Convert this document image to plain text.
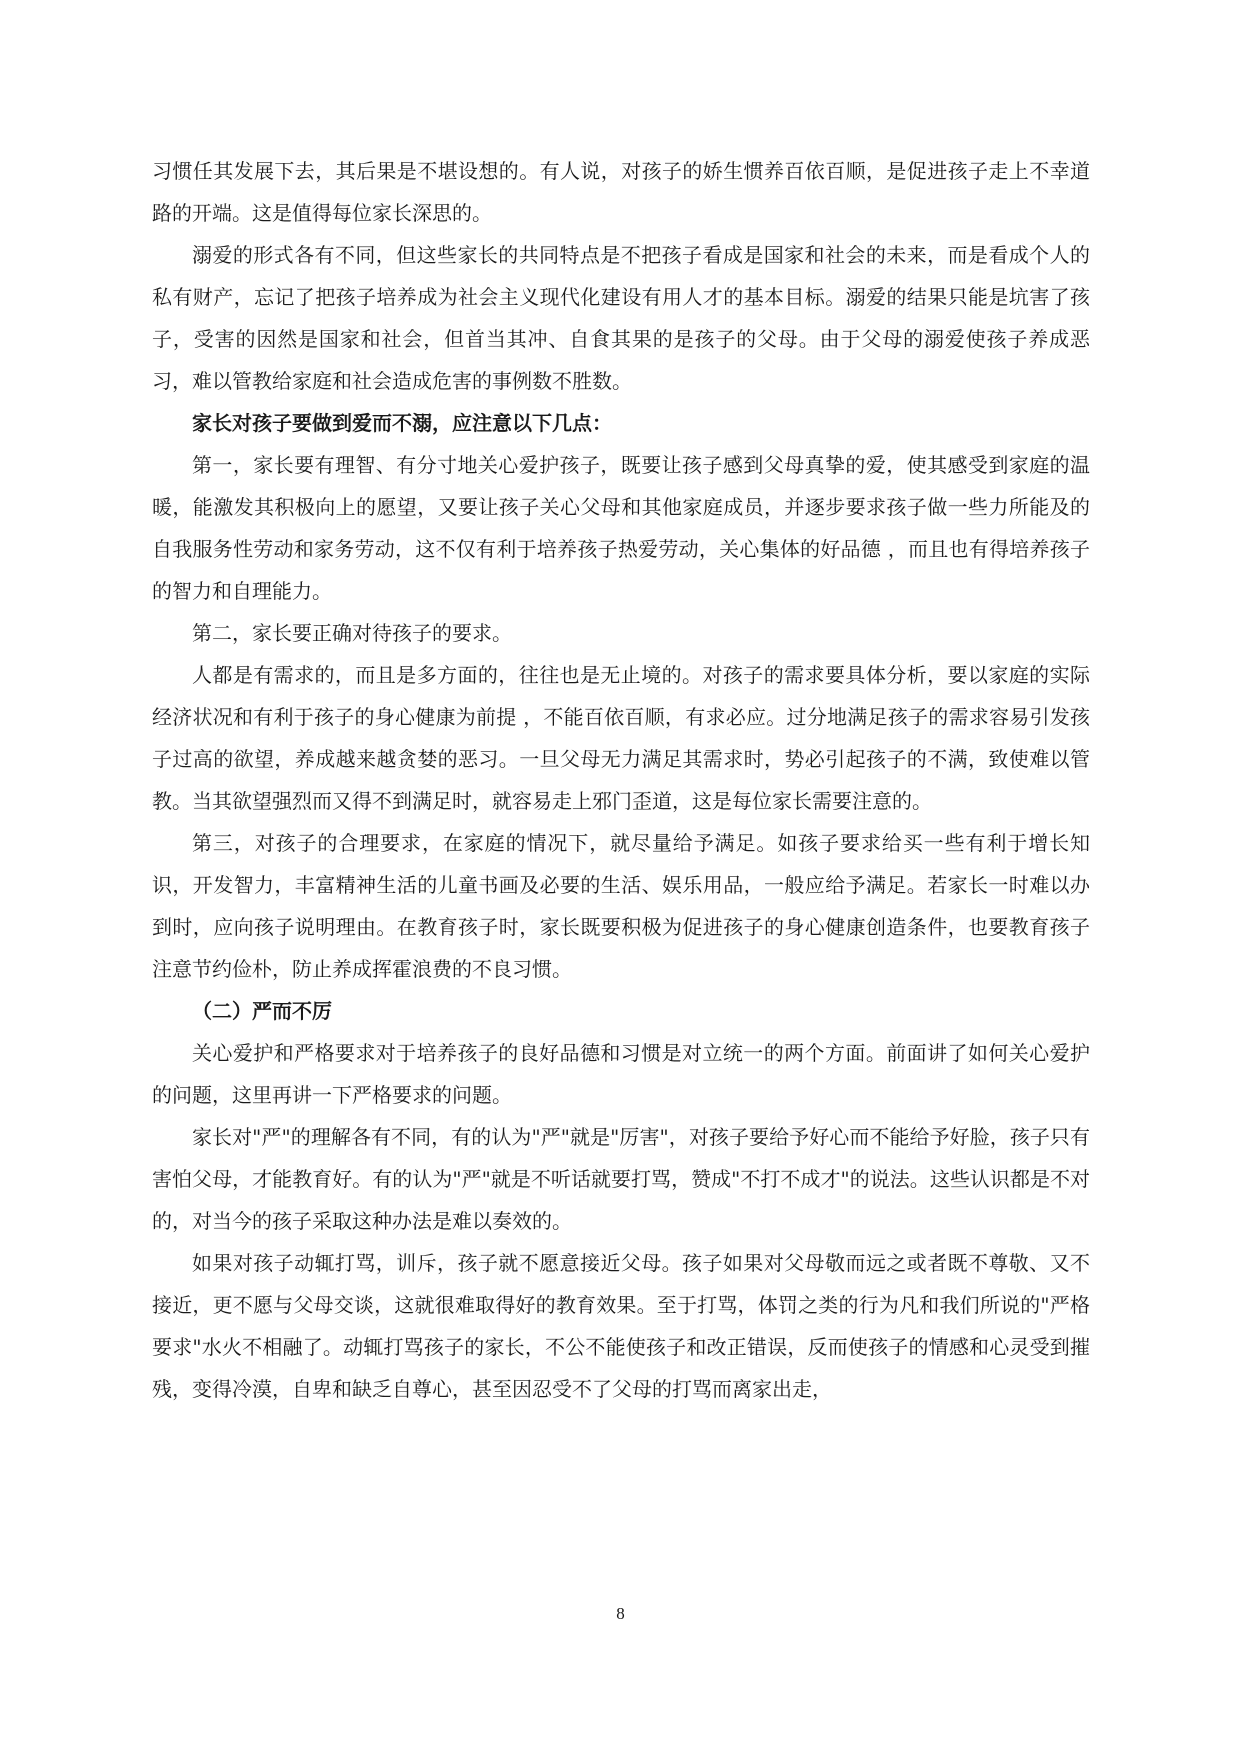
习惯任其发展下去，其后果是不堪设想的。有人说，对孩子的娇生惯养百依百顺，是促进孩子走上不幸道路的开端。这是值得每位家长深思的。

溺爱的形式各有不同，但这些家长的共同特点是不把孩子看成是国家和社会的未来，而是看成个人的私有财产，忘记了把孩子培养成为社会主义现代化建设有用人才的基本目标。溺爱的结果只能是坑害了孩子，受害的因然是国家和社会，但首当其冲、自食其果的是孩子的父母。由于父母的溺爱使孩子养成恶习，难以管教给家庭和社会造成危害的事例数不胜数。

家长对孩子要做到爱而不溺，应注意以下几点：

第一，家长要有理智、有分寸地关心爱护孩子，既要让孩子感到父母真挚的爱，使其感受到家庭的温暖，能激发其积极向上的愿望，又要让孩子关心父母和其他家庭成员，并逐步要求孩子做一些力所能及的自我服务性劳动和家务劳动，这不仅有利于培养孩子热爱劳动，关心集体的好品德 ，而且也有得培养孩子的智力和自理能力。

第二，家长要正确对待孩子的要求。

人都是有需求的，而且是多方面的，往往也是无止境的。对孩子的需求要具体分析，要以家庭的实际经济状况和有利于孩子的身心健康为前提 ，不能百依百顺，有求必应。过分地满足孩子的需求容易引发孩子过高的欲望，养成越来越贪婪的恶习。一旦父母无力满足其需求时，势必引起孩子的不满，致使难以管教。当其欲望强烈而又得不到满足时，就容易走上邪门歪道，这是每位家长需要注意的。

第三，对孩子的合理要求，在家庭的情况下，就尽量给予满足。如孩子要求给买一些有利于增长知识，开发智力，丰富精神生活的儿童书画及必要的生活、娱乐用品，一般应给予满足。若家长一时难以办到时，应向孩子说明理由。在教育孩子时，家长既要积极为促进孩子的身心健康创造条件，也要教育孩子注意节约俭朴，防止养成挥霍浪费的不良习惯。

（二）严而不厉

关心爱护和严格要求对于培养孩子的良好品德和习惯是对立统一的两个方面。前面讲了如何关心爱护的问题，这里再讲一下严格要求的问题。

家长对"严"的理解各有不同，有的认为"严"就是"厉害"，对孩子要给予好心而不能给予好脸，孩子只有害怕父母，才能教育好。有的认为"严"就是不听话就要打骂，赞成"不打不成才"的说法。这些认识都是不对的，对当今的孩子采取这种办法是难以奏效的。

如果对孩子动辄打骂，训斥，孩子就不愿意接近父母。孩子如果对父母敬而远之或者既不尊敬、又不接近，更不愿与父母交谈，这就很难取得好的教育效果。至于打骂，体罚之类的行为凡和我们所说的"严格要求"水火不相融了。动辄打骂孩子的家长，不公不能使孩子和改正错误，反而使孩子的情感和心灵受到摧残，变得冷漠，自卑和缺乏自尊心，甚至因忍受不了父母的打骂而离家出走，

8
